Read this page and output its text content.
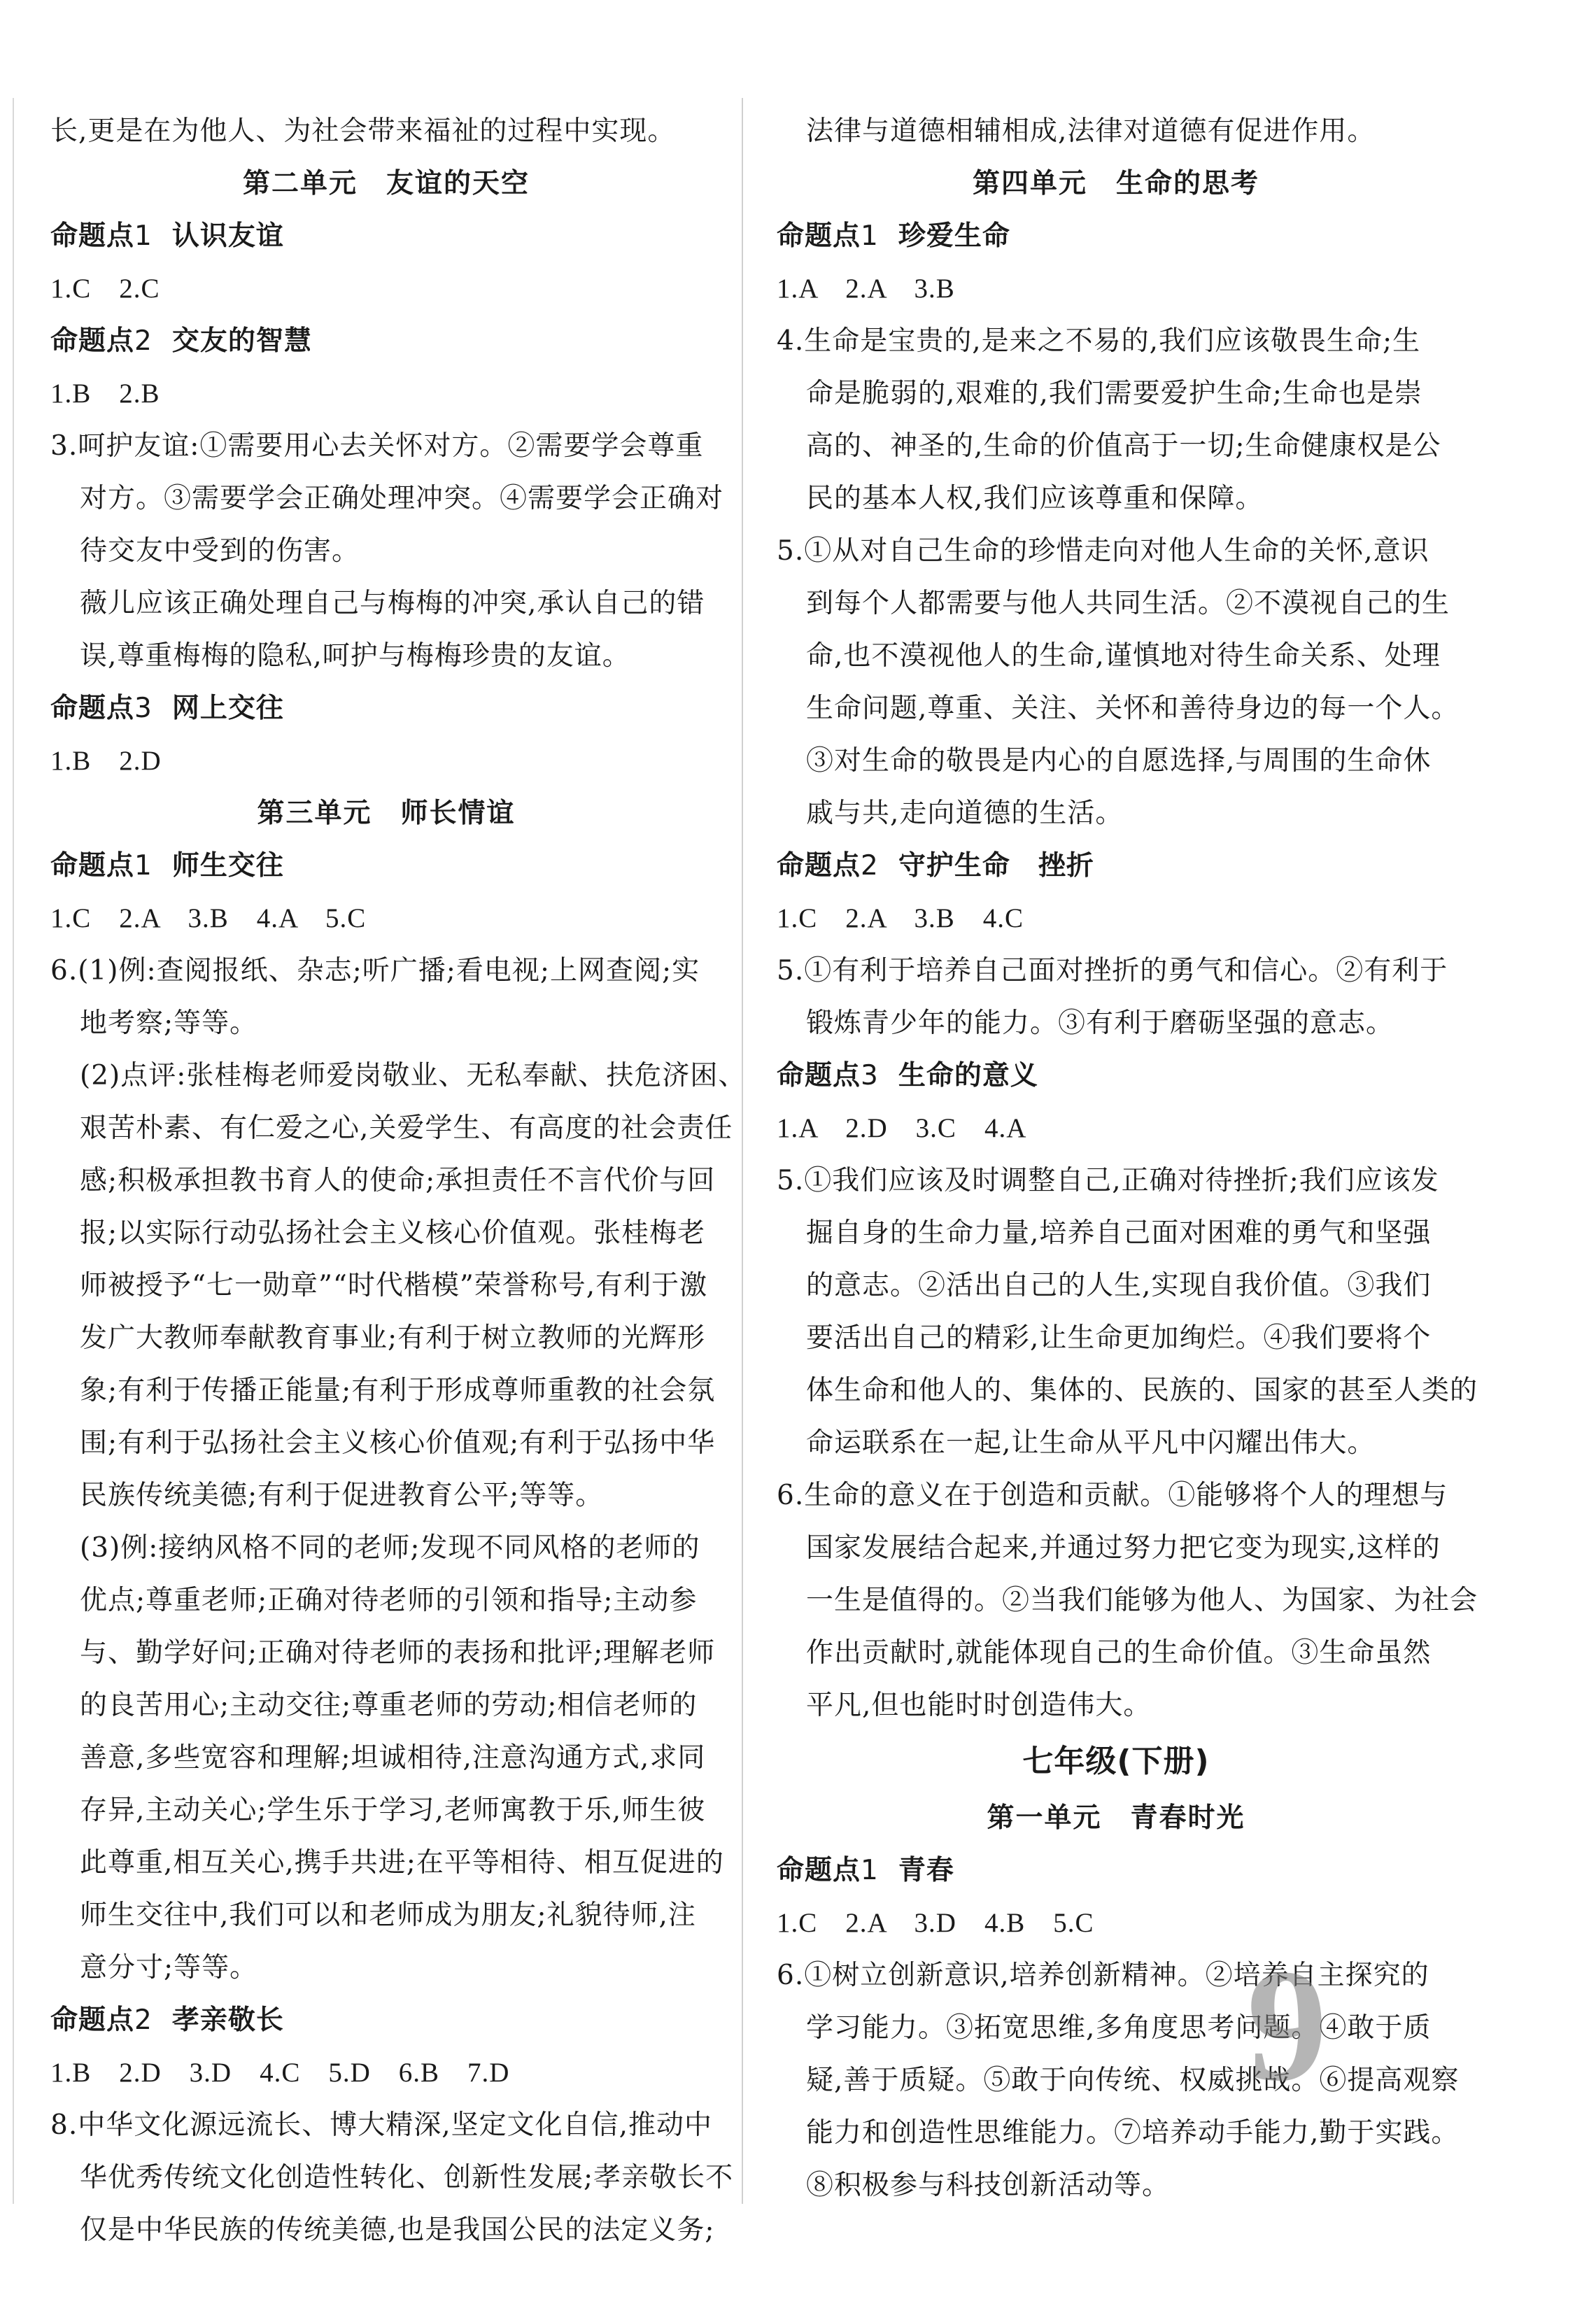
长,更是在为他人、为社会带来福祉的过程中实现。
第二单元　友谊的天空
命题点1 认识友谊
1.C　2.C
命题点2 交友的智慧
1.B　2.B
3.呵护友谊:①需要用心去关怀对方。②需要学会尊重
对方。③需要学会正确处理冲突。④需要学会正确对
待交友中受到的伤害。
薇儿应该正确处理自己与梅梅的冲突,承认自己的错
误,尊重梅梅的隐私,呵护与梅梅珍贵的友谊。
命题点3 网上交往
1.B　2.D
第三单元　师长情谊
命题点1 师生交往
1.C　2.A　3.B　4.A　5.C
6.(1)例:查阅报纸、杂志;听广播;看电视;上网查阅;实
地考察;等等。
(2)点评:张桂梅老师爱岗敬业、无私奉献、扶危济困、
艰苦朴素、有仁爱之心,关爱学生、有高度的社会责任
感;积极承担教书育人的使命;承担责任不言代价与回
报;以实际行动弘扬社会主义核心价值观。张桂梅老
师被授予“七一勋章”“时代楷模”荣誉称号,有利于激
发广大教师奉献教育事业;有利于树立教师的光辉形
象;有利于传播正能量;有利于形成尊师重教的社会氛
围;有利于弘扬社会主义核心价值观;有利于弘扬中华
民族传统美德;有利于促进教育公平;等等。
(3)例:接纳风格不同的老师;发现不同风格的老师的
优点;尊重老师;正确对待老师的引领和指导;主动参
与、勤学好问;正确对待老师的表扬和批评;理解老师
的良苦用心;主动交往;尊重老师的劳动;相信老师的
善意,多些宽容和理解;坦诚相待,注意沟通方式,求同
存异,主动关心;学生乐于学习,老师寓教于乐,师生彼
此尊重,相互关心,携手共进;在平等相待、相互促进的
师生交往中,我们可以和老师成为朋友;礼貌待师,注
意分寸;等等。
命题点2 孝亲敬长
1.B　2.D　3.D　4.C　5.D　6.B　7.D
8.中华文化源远流长、博大精深,坚定文化自信,推动中
华优秀传统文化创造性转化、创新性发展;孝亲敬长不
仅是中华民族的传统美德,也是我国公民的法定义务;
法律与道德相辅相成,法律对道德有促进作用。
第四单元　生命的思考
命题点1 珍爱生命
1.A　2.A　3.B
4.生命是宝贵的,是来之不易的,我们应该敬畏生命;生
命是脆弱的,艰难的,我们需要爱护生命;生命也是崇
高的、神圣的,生命的价值高于一切;生命健康权是公
民的基本人权,我们应该尊重和保障。
5.①从对自己生命的珍惜走向对他人生命的关怀,意识
到每个人都需要与他人共同生活。②不漠视自己的生
命,也不漠视他人的生命,谨慎地对待生命关系、处理
生命问题,尊重、关注、关怀和善待身边的每一个人。
③对生命的敬畏是内心的自愿选择,与周围的生命休
戚与共,走向道德的生活。
命题点2 守护生命　挫折
1.C　2.A　3.B　4.C
5.①有利于培养自己面对挫折的勇气和信心。②有利于
锻炼青少年的能力。③有利于磨砺坚强的意志。
命题点3 生命的意义
1.A　2.D　3.C　4.A
5.①我们应该及时调整自己,正确对待挫折;我们应该发
掘自身的生命力量,培养自己面对困难的勇气和坚强
的意志。②活出自己的人生,实现自我价值。③我们
要活出自己的精彩,让生命更加绚烂。④我们要将个
体生命和他人的、集体的、民族的、国家的甚至人类的
命运联系在一起,让生命从平凡中闪耀出伟大。
6.生命的意义在于创造和贡献。①能够将个人的理想与
国家发展结合起来,并通过努力把它变为现实,这样的
一生是值得的。②当我们能够为他人、为国家、为社会
作出贡献时,就能体现自己的生命价值。③生命虽然
平凡,但也能时时创造伟大。
七年级(下册)
第一单元　青春时光
命题点1 青春
1.C　2.A　3.D　4.B　5.C
6.①树立创新意识,培养创新精神。②培养自主探究的
学习能力。③拓宽思维,多角度思考问题。④敢于质
疑,善于质疑。⑤敢于向传统、权威挑战。⑥提高观察
能力和创造性思维能力。⑦培养动手能力,勤于实践。
⑧积极参与科技创新活动等。
9
